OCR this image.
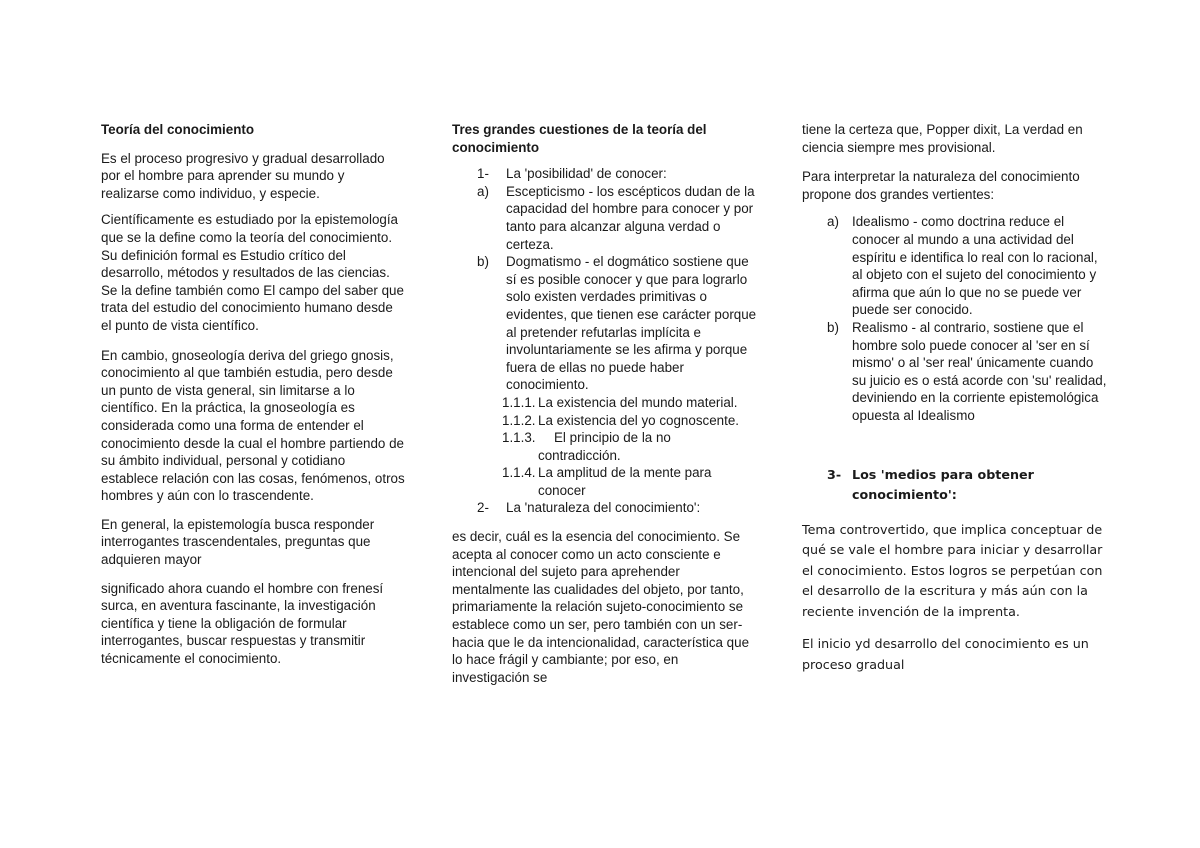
Teoría del conocimiento

Es el proceso progresivo y gradual desarrollado por el hombre para aprender su mundo y realizarse como individuo, y especie.

Científicamente es estudiado por la epistemología que se la define como la teoría del conocimiento. Su definición formal es Estudio crítico del desarrollo, métodos y resultados de las ciencias. Se la define también como El campo del saber que trata del estudio del conocimiento humano desde el punto de vista científico.

En cambio, gnoseología deriva del griego gnosis, conocimiento al que también estudia, pero desde un punto de vista general, sin limitarse a lo científico. En la práctica, la gnoseología es considerada como una forma de entender el conocimiento desde la cual el hombre partiendo de su ámbito individual, personal y cotidiano establece relación con las cosas, fenómenos, otros hombres y aún con lo trascendente.

En general, la epistemología busca responder interrogantes trascendentales, preguntas que adquieren mayor

significado ahora cuando el hombre con frenesí surca, en aventura fascinante, la investigación científica y tiene la obligación de formular interrogantes, buscar respuestas y transmitir técnicamente el conocimiento.

Tres grandes cuestiones de la teoría del conocimiento
1- La 'posibilidad' de conocer:
a) Escepticismo - los escépticos dudan de la capacidad del hombre para conocer y por tanto para alcanzar alguna verdad o certeza.
b) Dogmatismo - el dogmático sostiene que sí es posible conocer y que para lograrlo solo existen verdades primitivas o evidentes, que tienen ese carácter porque al pretender refutarlas implícita e involuntariamente se les afirma y porque fuera de ellas no puede haber conocimiento.
1.1.1. La existencia del mundo material.
1.1.2. La existencia del yo cognoscente.
1.1.3.	El principio de la no contradicción.
1.1.4. La amplitud de la mente para conocer
2- La 'naturaleza del conocimiento':

es decir, cuál es la esencia del conocimiento. Se acepta al conocer como un acto consciente e intencional del sujeto para aprehender mentalmente las cualidades del objeto, por tanto, primariamente la relación sujeto-conocimiento se establece como un ser, pero también con un ser-hacia que le da intencionalidad, característica que lo hace frágil y cambiante; por eso, en investigación se

tiene la certeza que, Popper dixit, La verdad en ciencia siempre mes provisional.

Para interpretar la naturaleza del conocimiento propone dos grandes vertientes:

a) Idealismo - como doctrina reduce el conocer al mundo a una actividad del espíritu e identifica lo real con lo racional, al objeto con el sujeto del conocimiento y afirma que aún lo que no se puede ver puede ser conocido.
b) Realismo - al contrario, sostiene que el hombre solo puede conocer al 'ser en sí mismo' o al 'ser real' únicamente cuando su juicio es o está acorde con 'su' realidad, deviniendo en la corriente epistemológica opuesta al Idealismo
3- Los 'medios para obtener conocimiento':

Tema controvertido, que implica conceptuar de qué se vale el hombre para iniciar y desarrollar el conocimiento. Estos logros se perpetúan con el desarrollo de la escritura y más aún con la reciente invención de la imprenta.

El inicio yd desarrollo del conocimiento es un proceso gradual
